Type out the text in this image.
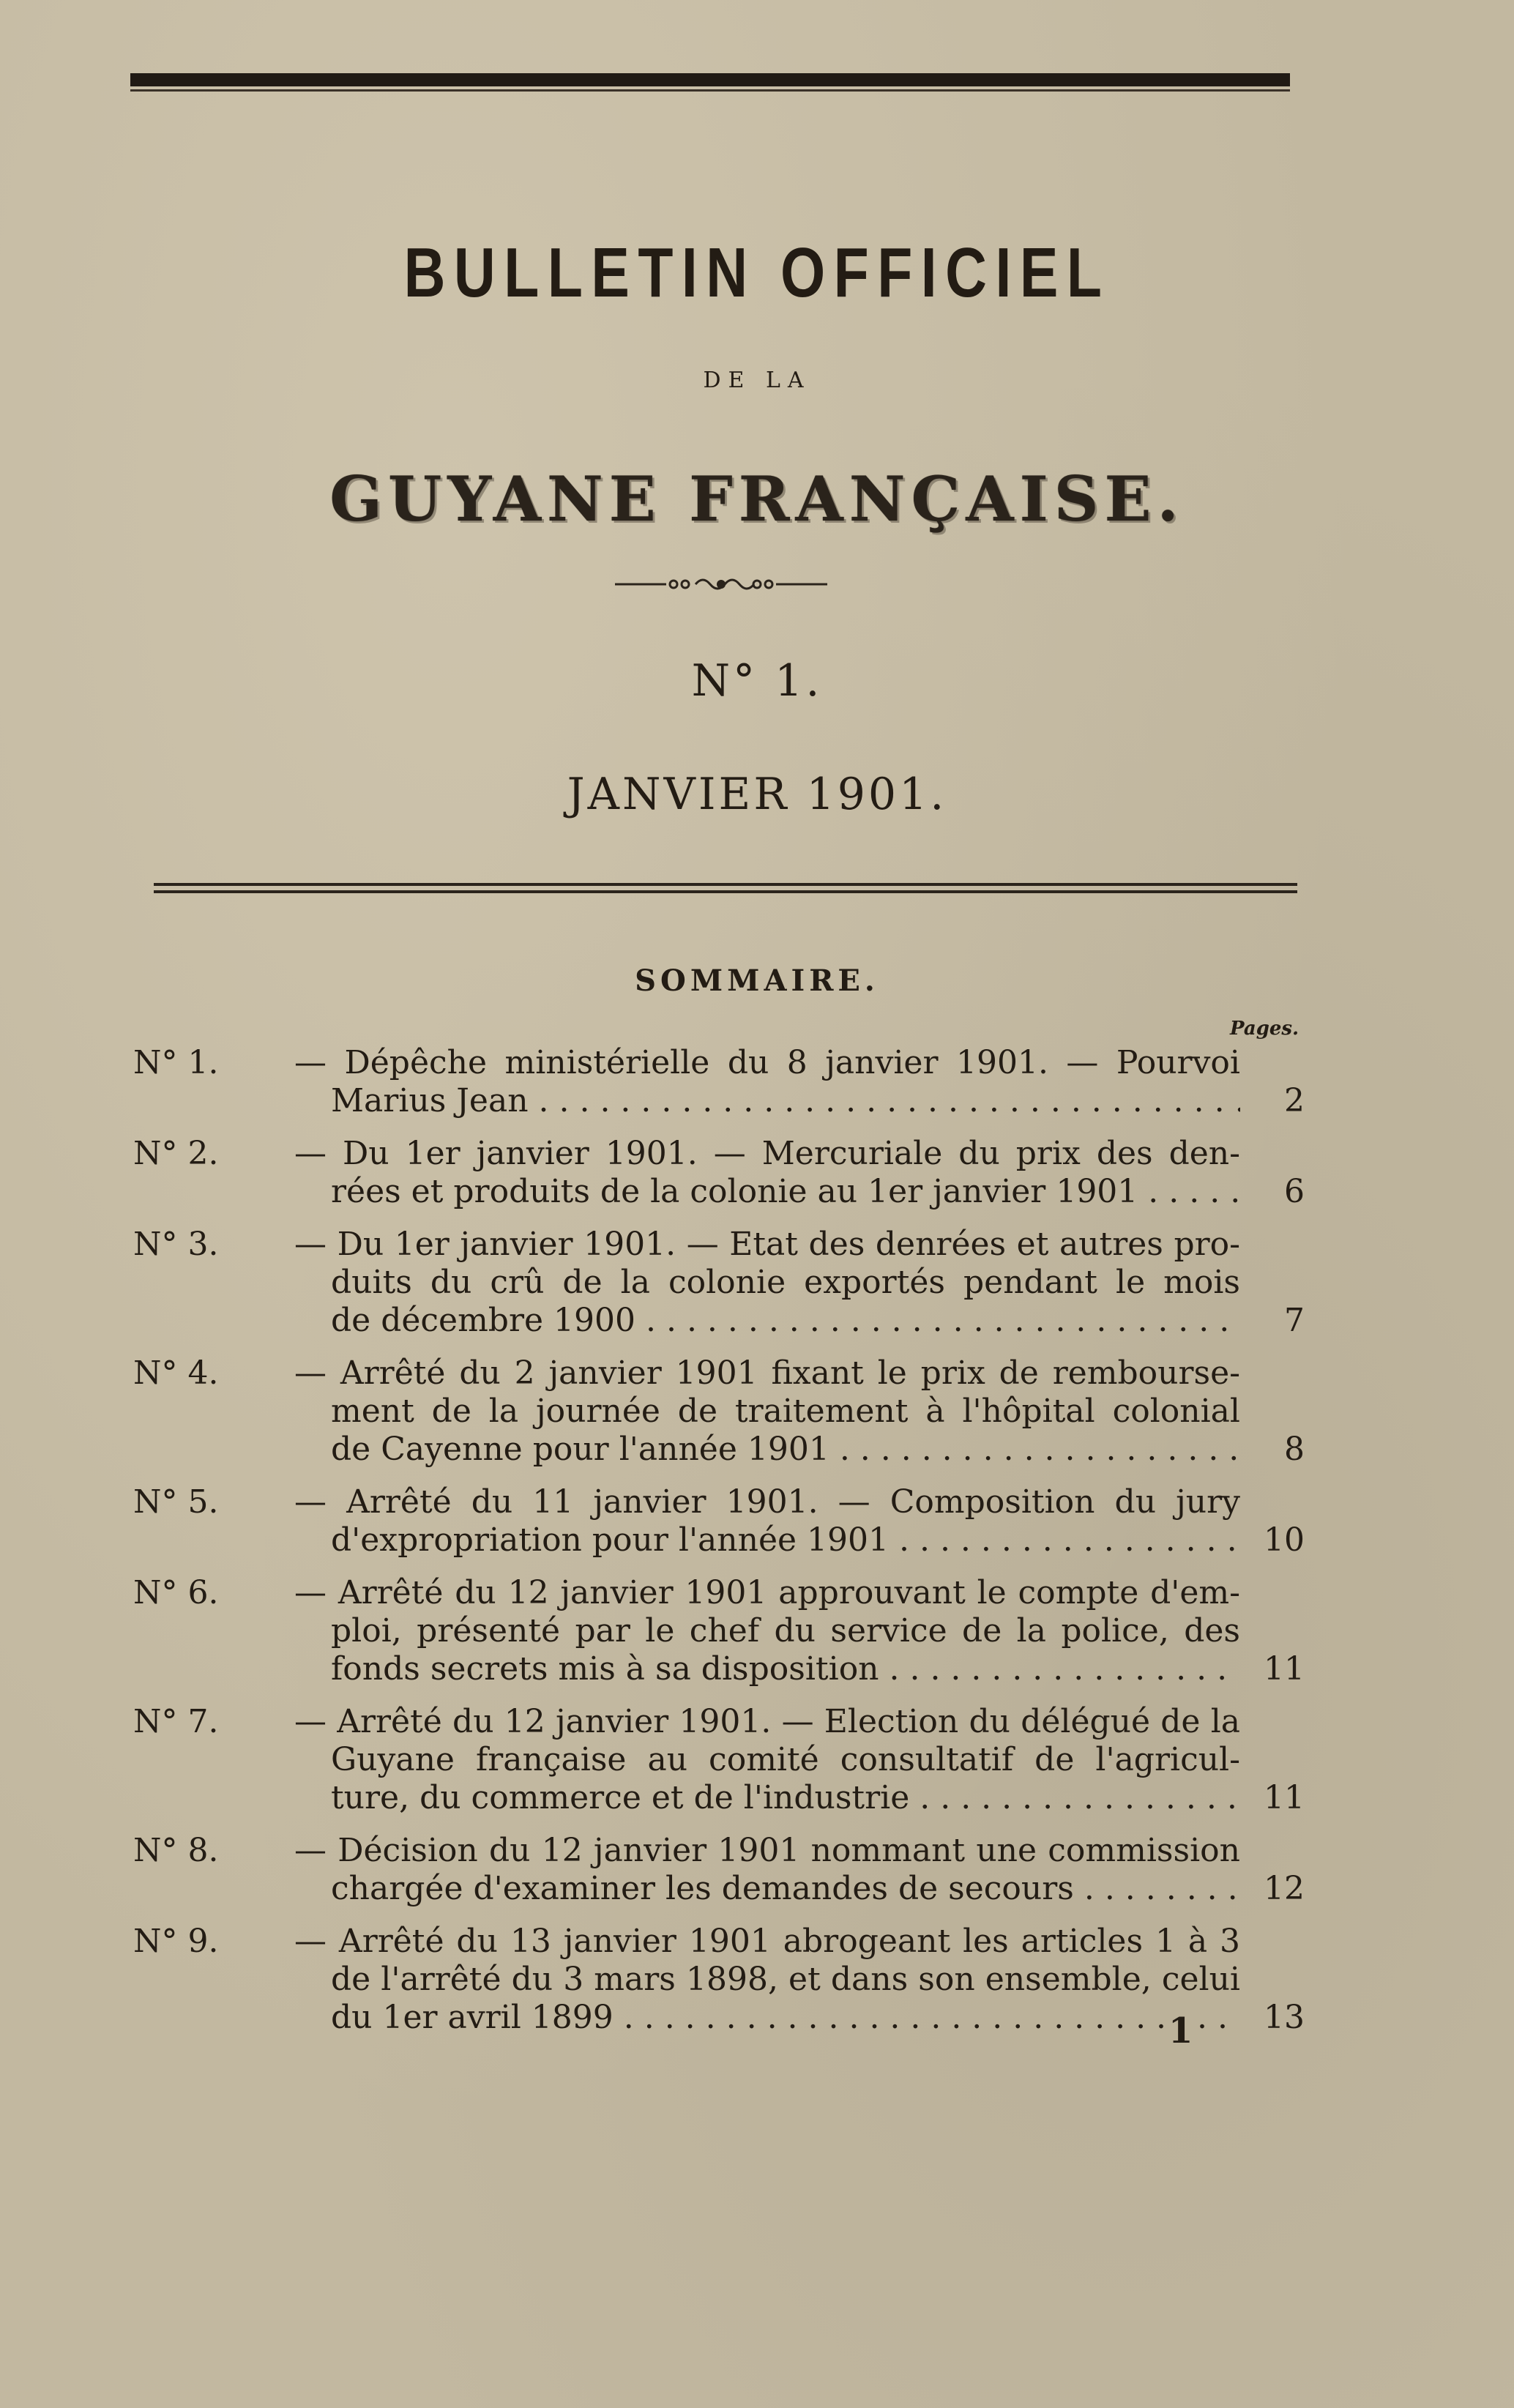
BULLETIN OFFICIEL
DE LA
GUYANE FRANÇAISE.
N° 1.
JANVIER 1901.
SOMMAIRE.
Pages.
N° 1.	— Dépêche ministérielle du 8 janvier 1901. — Pourvoi
Marius Jean . . .	2
N° 2.	— Du 1er janvier 1901. — Mercuriale du prix des den-
rées et produits de la colonie au 1er janvier 1901 . . .	6
N° 3.	— Du 1er janvier 1901. — Etat des denrées et autres pro-
duits du crû de la colonie exportés pendant le mois
de décembre 1900 . . .	7
N° 4.	— Arrêté du 2 janvier 1901 fixant le prix de rembourse-
ment de la journée de traitement à l'hôpital colonial
de Cayenne pour l'année 1901 . . .	8
N° 5.	— Arrêté du 11 janvier 1901. — Composition du jury
d'expropriation pour l'année 1901 . . .	10
N° 6.	— Arrêté du 12 janvier 1901 approuvant le compte d'em-
ploi, présenté par le chef du service de la police, des
fonds secrets mis à sa disposition . . .	11
N° 7.	— Arrêté du 12 janvier 1901. — Election du délégué de la
Guyane française au comité consultatif de l'agricul-
ture, du commerce et de l'industrie . . .	11
N° 8.	— Décision du 12 janvier 1901 nommant une commission
chargée d'examiner les demandes de secours . . .	12
N° 9.	— Arrêté du 13 janvier 1901 abrogeant les articles 1 à 3
de l'arrêté du 3 mars 1898, et dans son ensemble, celui
du 1er avril 1899 . . .	13
1
